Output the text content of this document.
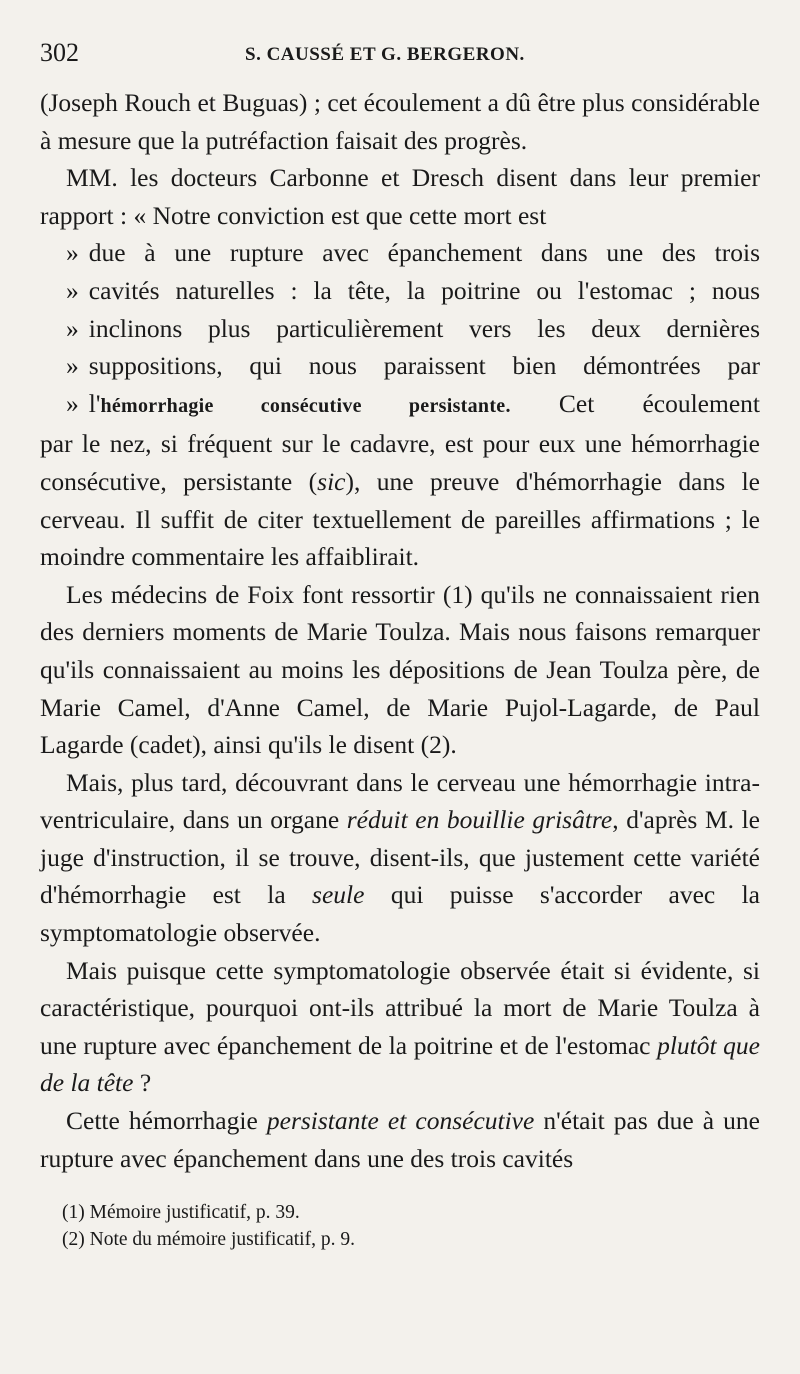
302	S. CAUSSÉ ET G. BERGERON.

(Joseph Rouch et Buguas) ; cet écoulement a dû être plus considérable à mesure que la putréfaction faisait des progrès.

MM. les docteurs Carbonne et Dresch disent dans leur premier rapport : « Notre conviction est que cette mort est
» due à une rupture avec épanchement dans une des trois
» cavités naturelles : la tête, la poitrine ou l'estomac ; nous
» inclinons plus particulièrement vers les deux dernières
» suppositions, qui nous paraissent bien démontrées par
» l'hémorrhagie consécutive persistante. Cet écoulement
par le nez, si fréquent sur le cadavre, est pour eux une hémorrhagie consécutive, persistante (sic), une preuve d'hémorrhagie dans le cerveau. Il suffit de citer textuellement de pareilles affirmations ; le moindre commentaire les affaiblirait.

Les médecins de Foix font ressortir (1) qu'ils ne connaissaient rien des derniers moments de Marie Toulza. Mais nous faisons remarquer qu'ils connaissaient au moins les dépositions de Jean Toulza père, de Marie Camel, d'Anne Camel, de Marie Pujol-Lagarde, de Paul Lagarde (cadet), ainsi qu'ils le disent (2).

Mais, plus tard, découvrant dans le cerveau une hémorrhagie intra-ventriculaire, dans un organe réduit en bouillie grisâtre, d'après M. le juge d'instruction, il se trouve, disent-ils, que justement cette variété d'hémorrhagie est la seule qui puisse s'accorder avec la symptomatologie observée.

Mais puisque cette symptomatologie observée était si évidente, si caractéristique, pourquoi ont-ils attribué la mort de Marie Toulza à une rupture avec épanchement de la poitrine et de l'estomac plutôt que de la tête ?

Cette hémorrhagie persistante et consécutive n'était pas due à une rupture avec épanchement dans une des trois cavités

(1) Mémoire justificatif, p. 39.
(2) Note du mémoire justificatif, p. 9.
